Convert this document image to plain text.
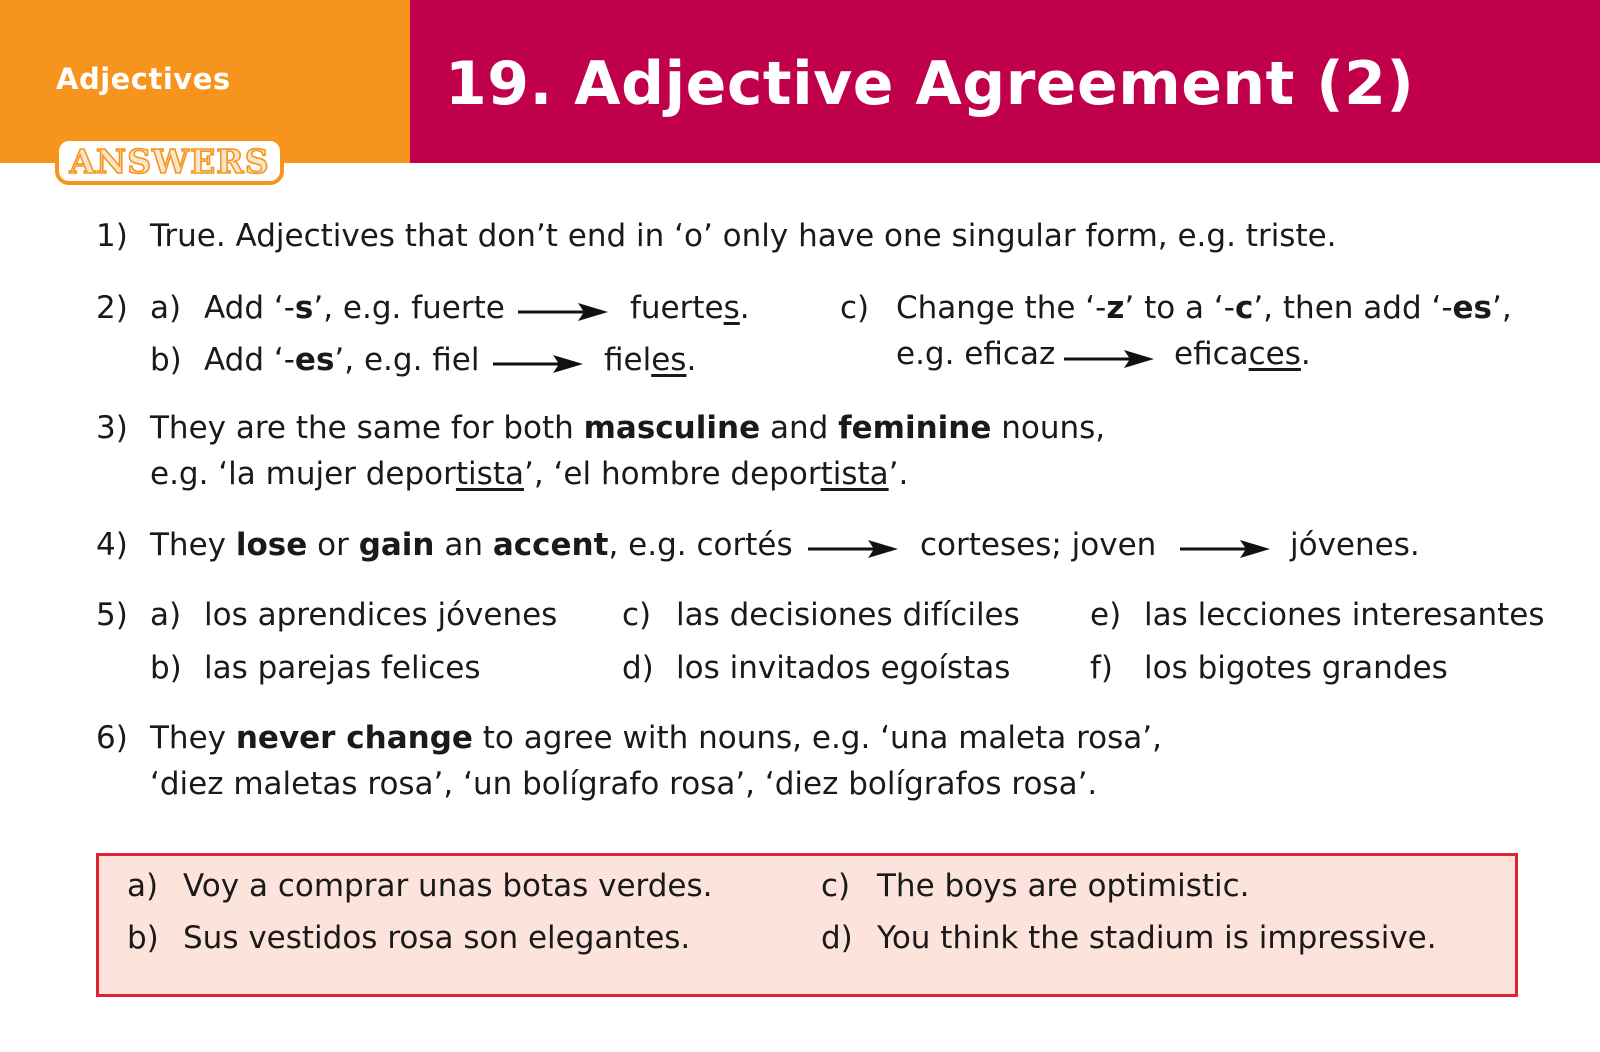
Adjectives
ANSWERS
19. Adjective Agreement (2)
1) True. Adjectives that don’t end in ‘o’ only have one singular form, e.g. triste.
2) a) Add ‘-s’, e.g. fuerte	fuertes.
b) Add ‘-es’, e.g. fiel	fieles.
c) Change the ‘-z’ to a ‘-c’, then add ‘-es’,
e.g. eficaz	eficaces.
3) They are the same for both masculine and feminine nouns,
e.g. ‘la mujer deportista’, ‘el hombre deportista’.
4) They lose or gain an accent, e.g. cortés	corteses; joven	jóvenes.
5) a) los aprendices jóvenes
b) las parejas felices
c) las decisiones difíciles
d) los invitados egoístas
e) las lecciones interesantes
f) los bigotes grandes
6) They never change to agree with nouns, e.g. ‘una maleta rosa’,
‘diez maletas rosa’, ‘un bolígrafo rosa’, ‘diez bolígrafos rosa’.
a) Voy a comprar unas botas verdes.
b) Sus vestidos rosa son elegantes.
c) The boys are optimistic.
d) You think the stadium is impressive.
